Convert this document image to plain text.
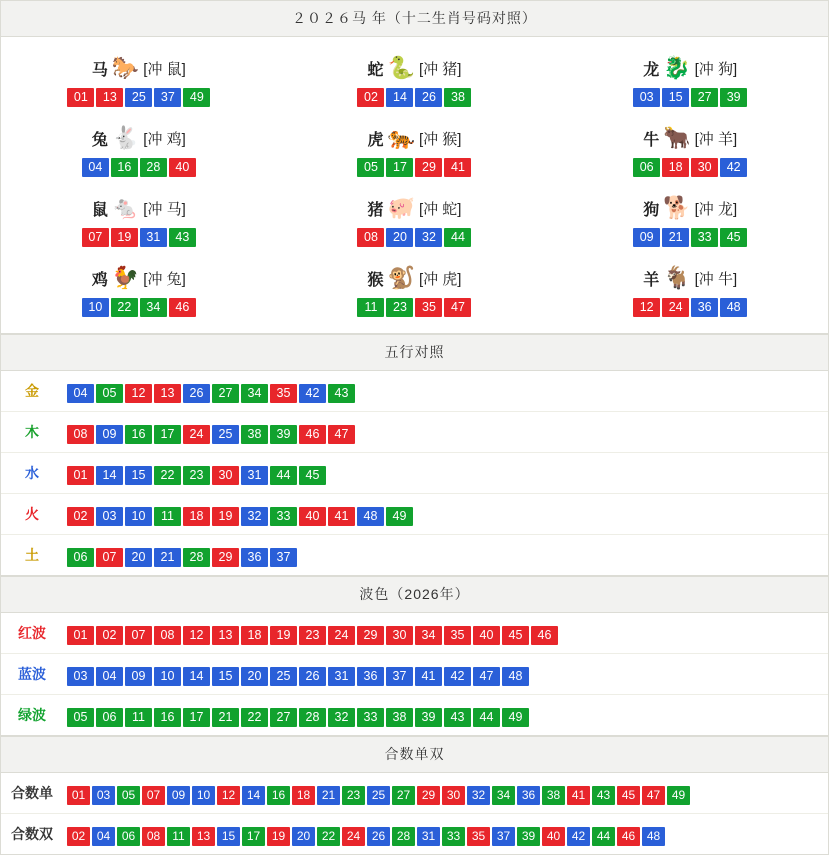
２０２６马 年（十二生肖号码对照）
马 🐎 [冲 鼠]
01	13	25	37	49
蛇 🐍 [冲 猪]
02	14	26	38
龙 🐉 [冲 狗]
03	15	27	39
兔 🐇 [冲 鸡]
04	16	28	40
虎 🐅 [冲 猴]
05	17	29	41
牛 🐂 [冲 羊]
06	18	30	42
鼠 🐁 [冲 马]
07	19	31	43
猪 🐖 [冲 蛇]
08	20	32	44
狗 🐕 [冲 龙]
09	21	33	45
鸡 🐓 [冲 兔]
10	22	34	46
猴 🐒 [冲 虎]
11	23	35	47
羊 🐐 [冲 牛]
12	24	36	48
五行对照
金	04	05	12	13	26	27	34	35	42	43

木	08	09	16	17	24	25	38	39	46	47

水	01	14	15	22	23	30	31	44	45

火	02	03	10	11	18	19	32	33	40	41	48	49

土	06	07	20	21	28	29	36	37
波色（2026年）
红波	01	02	07	08	12	13	18	19	23	24	29	30	34	35	40	45	46

蓝波	03	04	09	10	14	15	20	25	26	31	36	37	41	42	47	48

绿波	05	06	11	16	17	21	22	27	28	32	33	38	39	43	44	49
合数单双
合数单	01 03 05 07 09 10 12 14 16 18 21 23 25 27 29 30 32 34 36 38 41 43 45 47 49

合数双	02 04 06 08	11	13 15 17 19 20 22 24 26 28 31 33 35 37 39 40 42 44 46 48
